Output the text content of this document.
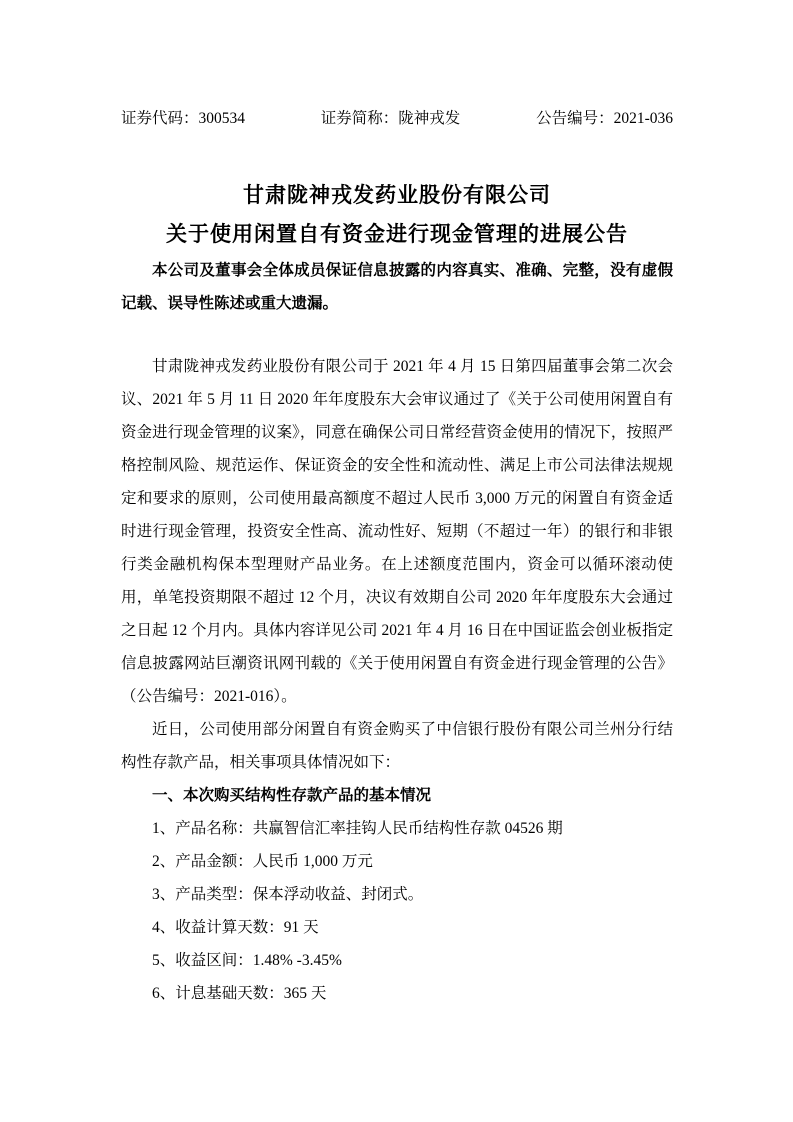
证券代码：300534	证券简称：陇神戎发	公告编号：2021-036
甘肃陇神戎发药业股份有限公司
关于使用闲置自有资金进行现金管理的进展公告

本公司及董事会全体成员保证信息披露的内容真实、准确、完整，没有虚假记载、误导性陈述或重大遗漏。

甘肃陇神戎发药业股份有限公司于 2021 年 4 月 15 日第四届董事会第二次会议、2021 年 5 月 11 日 2020 年年度股东大会审议通过了《关于公司使用闲置自有资金进行现金管理的议案》，同意在确保公司日常经营资金使用的情况下，按照严格控制风险、规范运作、保证资金的安全性和流动性、满足上市公司法律法规规定和要求的原则，公司使用最高额度不超过人民币 3,000 万元的闲置自有资金适时进行现金管理，投资安全性高、流动性好、短期（不超过一年）的银行和非银行类金融机构保本型理财产品业务。在上述额度范围内，资金可以循环滚动使用，单笔投资期限不超过 12 个月，决议有效期自公司 2020 年年度股东大会通过之日起 12 个月内。具体内容详见公司 2021 年 4 月 16 日在中国证监会创业板指定信息披露网站巨潮资讯网刊载的《关于使用闲置自有资金进行现金管理的公告》（公告编号：2021-016）。

近日，公司使用部分闲置自有资金购买了中信银行股份有限公司兰州分行结构性存款产品，相关事项具体情况如下：

一、本次购买结构性存款产品的基本情况

1、产品名称：共赢智信汇率挂钩人民币结构性存款 04526 期
2、产品金额：人民币 1,000 万元
3、产品类型：保本浮动收益、封闭式。
4、收益计算天数：91 天
5、收益区间：1.48% -3.45%
6、计息基础天数：365 天
